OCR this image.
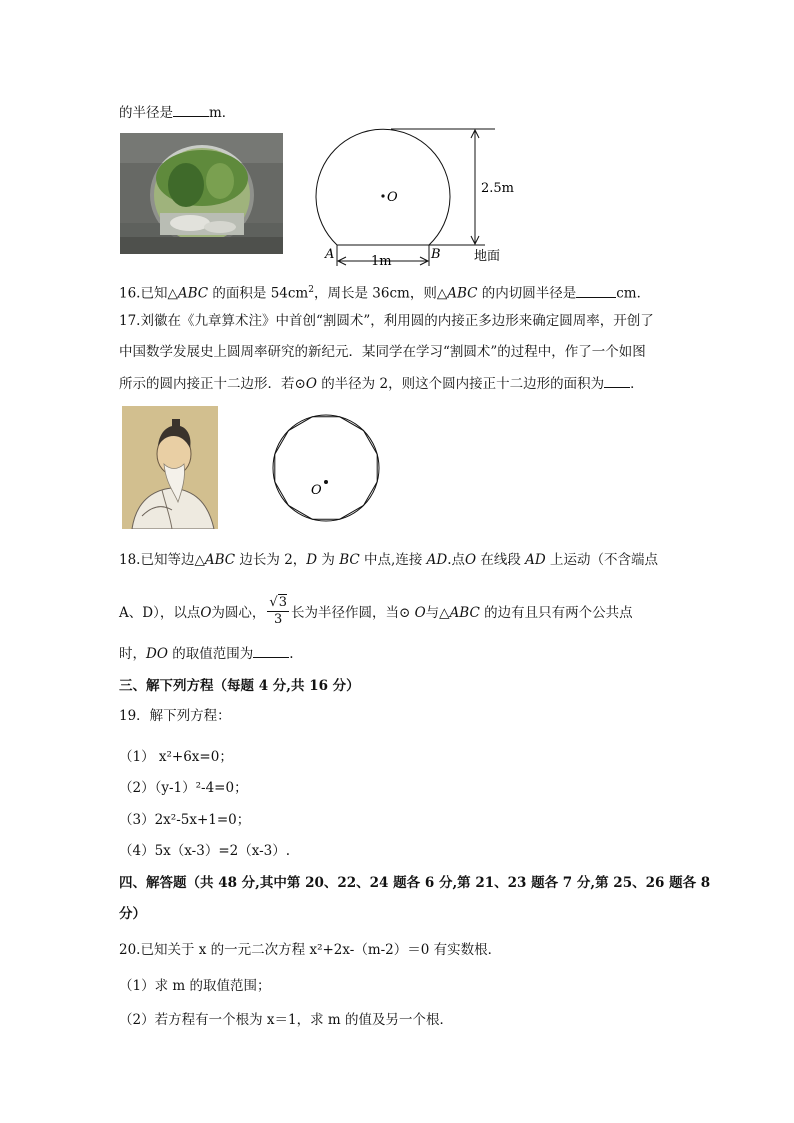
的半径是	m．
O
A	B
1m
2.5m
地面
16.已知△ABC 的面积是 $54cm^2$，周长是 36cm，则△ABC 的内切圆半径是	cm．
17.刘徽在《九章算术注》中首创“割圆术”，利用圆的内接正多边形来确定圆周率，开创了
中国数学发展史上圆周率研究的新纪元．某同学在学习“割圆术”的过程中，作了一个如图
所示的圆内接正十二边形．若⊙O 的半径为 2，则这个圆内接正十二边形的面积为 ．
O
18.已知等边△ABC 边长为 2，D 为 BC 中点,连接 AD.点O 在线段 AD 上运动（不含端点
A、D），以点O为圆心， $\frac{√3}{3}$ 长为半径作圆，当⊙ O与△ABC 的边有且只有两个公共点
时，DO 的取值范围为	.
三、解下列方程（每题 4 分,共 16 分）
19．解下列方程：
（1） x²+6x=0；
（2）（y-1）²-4=0；
（3）2x²-5x+1=0；
（4）5x（x-3）=2（x-3）.
四、解答题（共 48 分,其中第 20、22、24 题各 6 分,第 21、23 题各 7 分,第 25、26 题各 8
分）
20.已知关于 x 的一元二次方程 x²+2x-（m-2）＝0 有实数根．
（1）求 m 的取值范围；
（2）若方程有一个根为 x＝1，求 m 的值及另一个根．
